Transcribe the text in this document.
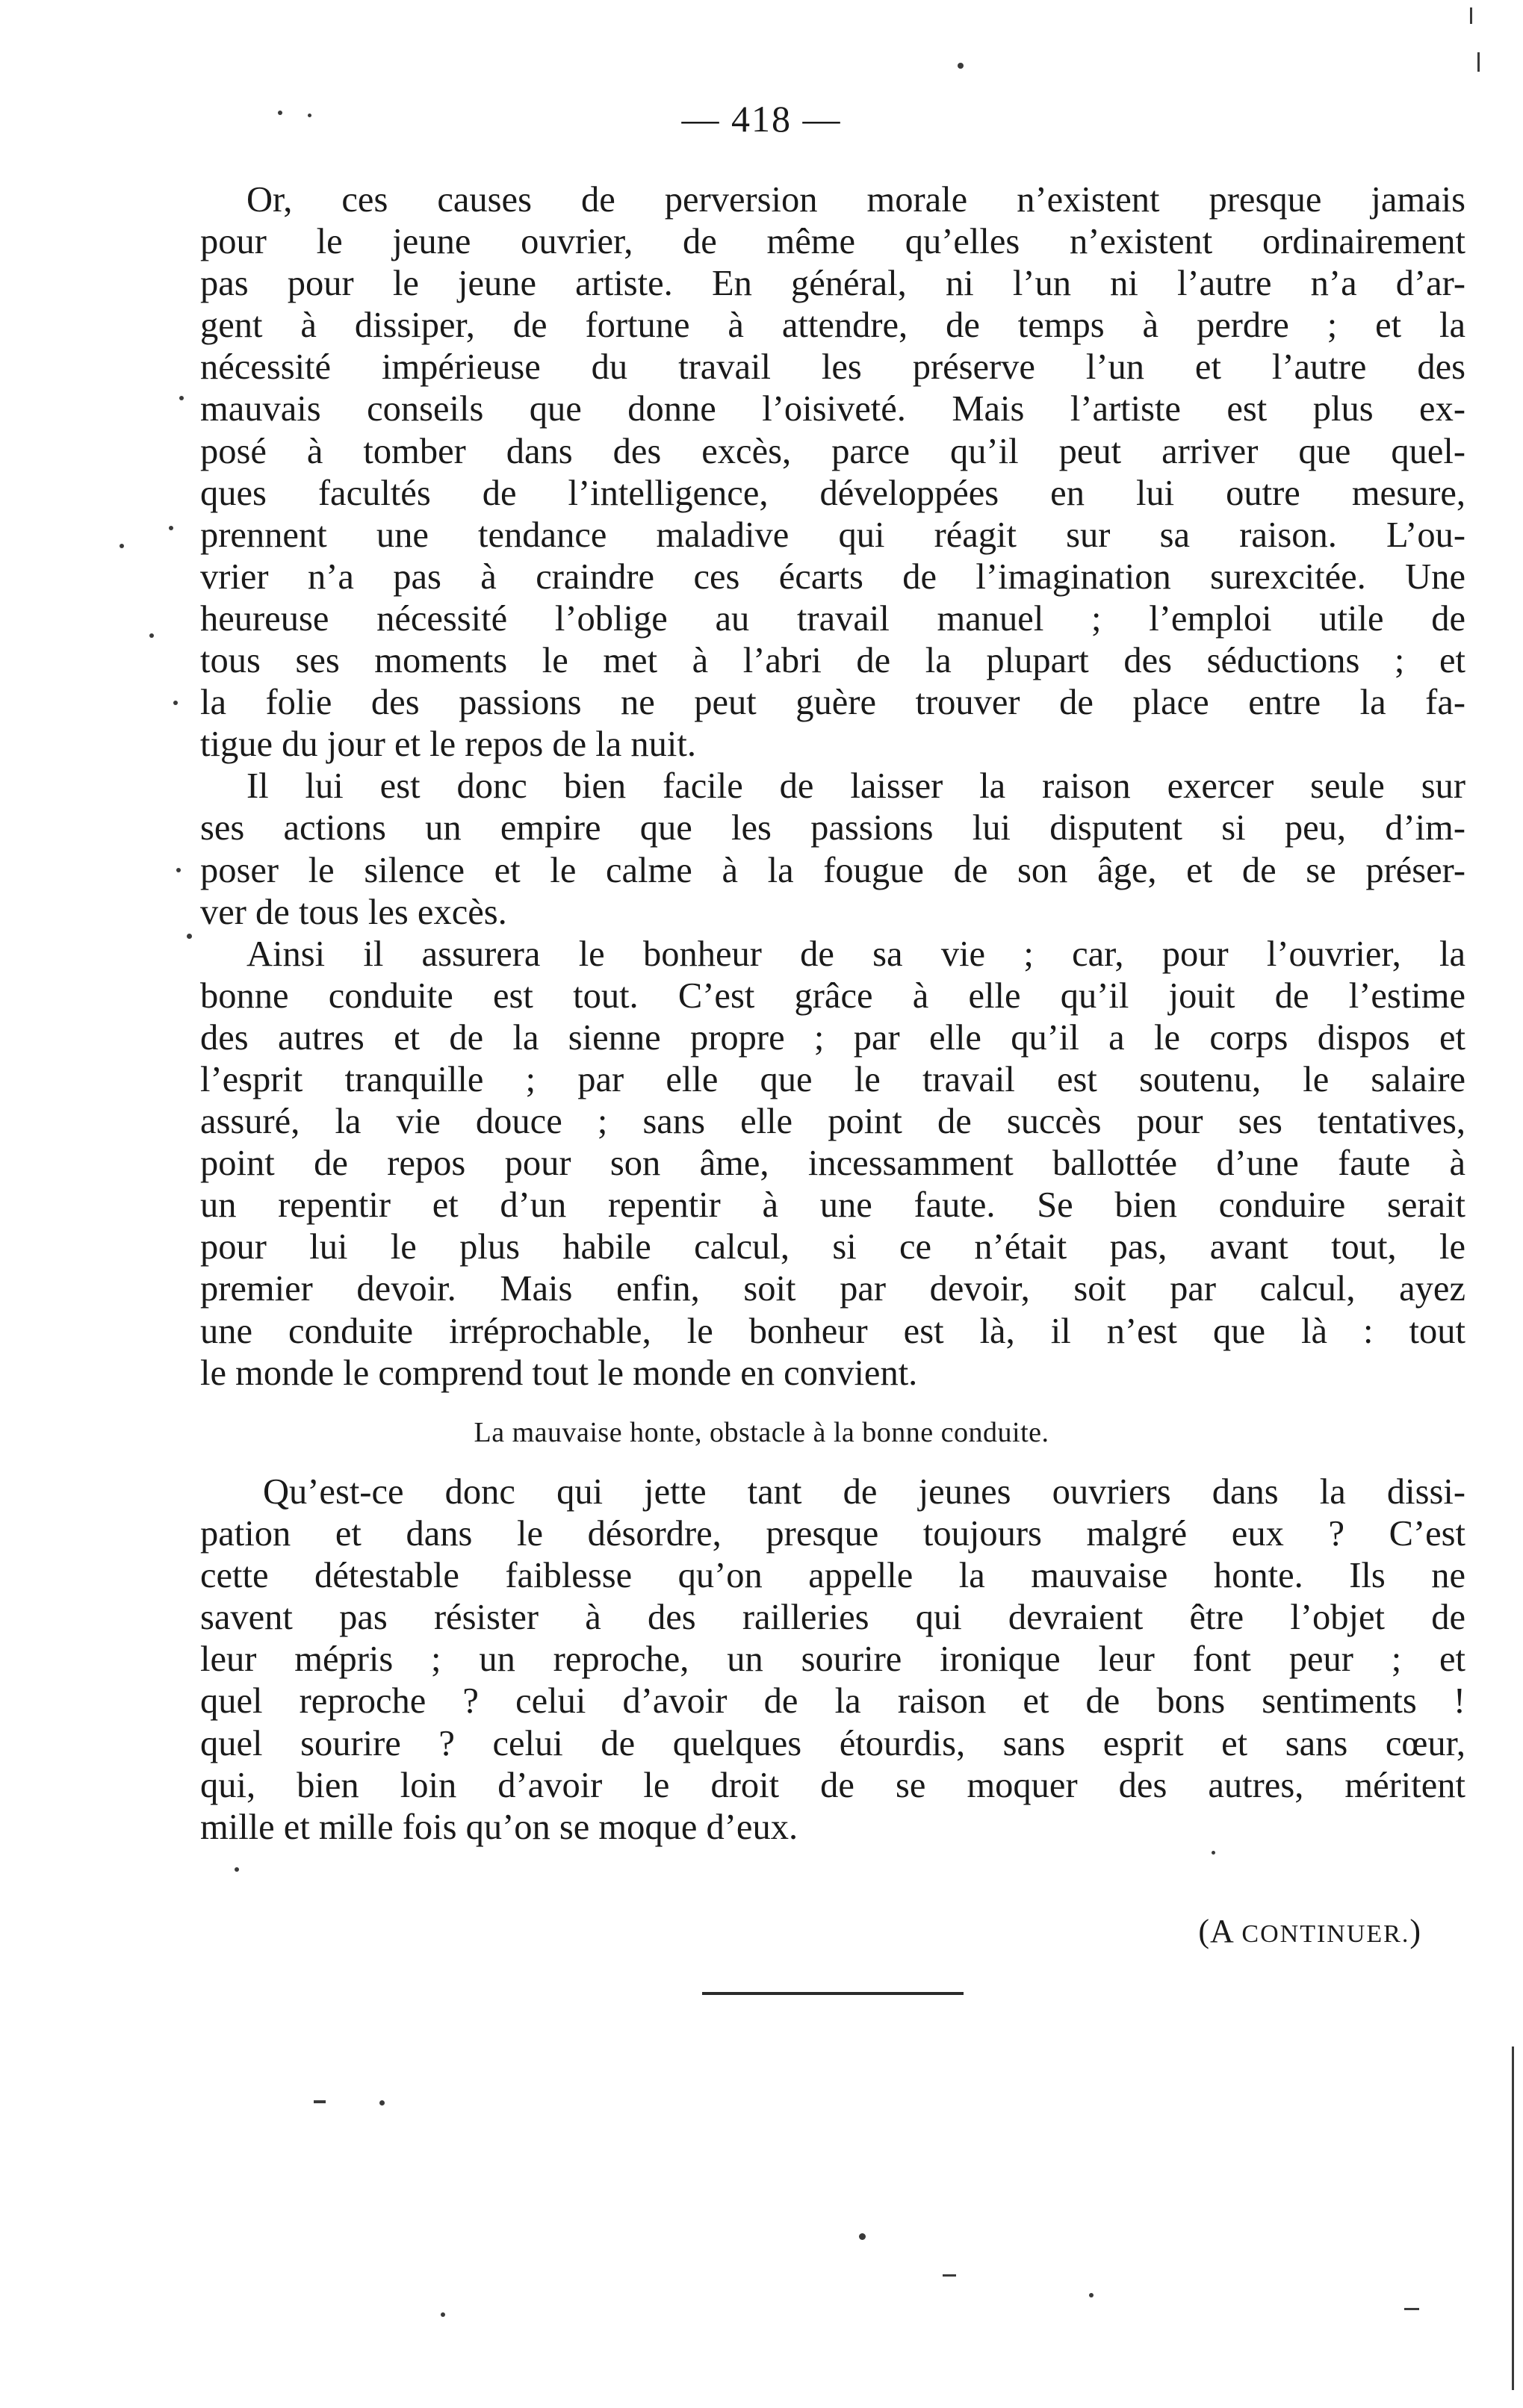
— 418 —
Or, ces causes de perversion morale n’existent presque jamais
pour le jeune ouvrier, de même qu’elles n’existent ordinairement
pas pour le jeune artiste. En général, ni l’un ni l’autre n’a d’ar-
gent à dissiper, de fortune à attendre, de temps à perdre ; et la
nécessité impérieuse du travail les préserve l’un et l’autre des
mauvais conseils que donne l’oisiveté. Mais l’artiste est plus ex-
posé à tomber dans des excès, parce qu’il peut arriver que quel-
ques facultés de l’intelligence, développées en lui outre mesure,
prennent une tendance maladive qui réagit sur sa raison. L’ou-
vrier n’a pas à craindre ces écarts de l’imagination surexcitée. Une
heureuse nécessité l’oblige au travail manuel ; l’emploi utile de
tous ses moments le met à l’abri de la plupart des séductions ; et
la folie des passions ne peut guère trouver de place entre la fa-
tigue du jour et le repos de la nuit.
Il lui est donc bien facile de laisser la raison exercer seule sur
ses actions un empire que les passions lui disputent si peu, d’im-
poser le silence et le calme à la fougue de son âge, et de se préser-
ver de tous les excès.
Ainsi il assurera le bonheur de sa vie ; car, pour l’ouvrier, la
bonne conduite est tout. C’est grâce à elle qu’il jouit de l’estime
des autres et de la sienne propre ; par elle qu’il a le corps dispos et
l’esprit tranquille ; par elle que le travail est soutenu, le salaire
assuré, la vie douce ; sans elle point de succès pour ses tentatives,
point de repos pour son âme, incessamment ballottée d’une faute à
un repentir et d’un repentir à une faute. Se bien conduire serait
pour lui le plus habile calcul, si ce n’était pas, avant tout, le
premier devoir. Mais enfin, soit par devoir, soit par calcul, ayez
une conduite irréprochable, le bonheur est là, il n’est que là : tout
le monde le comprend tout le monde en convient.
La mauvaise honte, obstacle à la bonne conduite.
Qu’est-ce donc qui jette tant de jeunes ouvriers dans la dissi-
pation et dans le désordre, presque toujours malgré eux ? C’est
cette détestable faiblesse qu’on appelle la mauvaise honte. Ils ne
savent pas résister à des railleries qui devraient être l’objet de
leur mépris ; un reproche, un sourire ironique leur font peur ; et
quel reproche ? celui d’avoir de la raison et de bons sentiments !
quel sourire ? celui de quelques étourdis, sans esprit et sans cœur,
qui, bien loin d’avoir le droit de se moquer des autres, méritent
mille et mille fois qu’on se moque d’eux.
(A CONTINUER.)
